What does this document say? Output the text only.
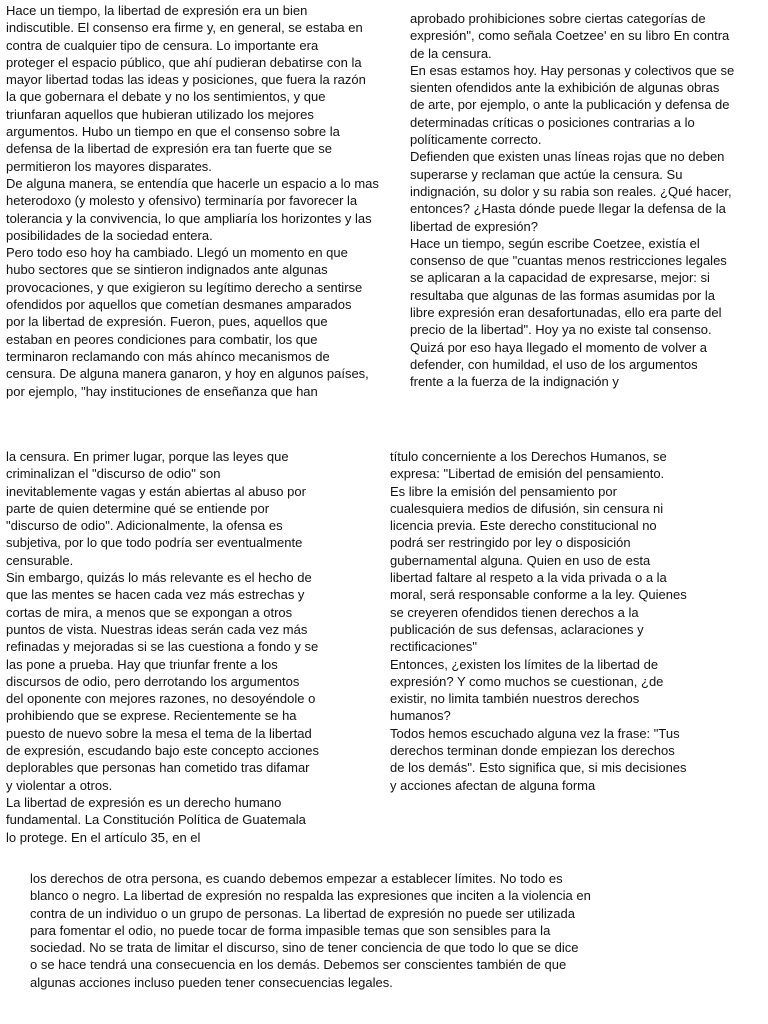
Hace un tiempo, la libertad de expresión era un bien
indiscutible. El consenso era firme y, en general, se estaba en
contra de cualquier tipo de censura. Lo importante era
proteger el espacio público, que ahí pudieran debatirse con la
mayor libertad todas las ideas y posiciones, que fuera la razón
la que gobernara el debate y no los sentimientos, y que
triunfaran aquellos que hubieran utilizado los mejores
argumentos. Hubo un tiempo en que el consenso sobre la
defensa de la libertad de expresión era tan fuerte que se
permitieron los mayores disparates.
De alguna manera, se entendía que hacerle un espacio a lo mas
heterodoxo (y molesto y ofensivo) terminaría por favorecer la
tolerancia y la convivencia, lo que ampliaría los horizontes y las
posibilidades de la sociedad entera.
Pero todo eso hoy ha cambiado. Llegó un momento en que
hubo sectores que se sintieron indignados ante algunas
provocaciones, y que exigieron su legítimo derecho a sentirse
ofendidos por aquellos que cometían desmanes amparados
por la libertad de expresión. Fueron, pues, aquellos que
estaban en peores condiciones para combatir, los que
terminaron reclamando con más ahínco mecanismos de
censura. De alguna manera ganaron, y hoy en algunos países,
por ejemplo, "hay instituciones de enseñanza que han
aprobado prohibiciones sobre ciertas categorías de
expresión", como señala Coetzee' en su libro En contra
de la censura.
En esas estamos hoy. Hay personas y colectivos que se
sienten ofendidos ante la exhibición de algunas obras
de arte, por ejemplo, o ante la publicación y defensa de
determinadas críticas o posiciones contrarias a lo
políticamente correcto.
Defienden que existen unas líneas rojas que no deben
superarse y reclaman que actúe la censura. Su
indignación, su dolor y su rabia son reales. ¿Qué hacer,
entonces? ¿Hasta dónde puede llegar la defensa de la
libertad de expresión?
Hace un tiempo, según escribe Coetzee, existía el
consenso de que "cuantas menos restricciones legales
se aplicaran a la capacidad de expresarse, mejor: si
resultaba que algunas de las formas asumidas por la
libre expresión eran desafortunadas, ello era parte del
precio de la libertad". Hoy ya no existe tal consenso.
Quizá por eso haya llegado el momento de volver a
defender, con humildad, el uso de los argumentos
frente a la fuerza de la indignación y
la censura. En primer lugar, porque las leyes que
criminalizan el "discurso de odio" son
inevitablemente vagas y están abiertas al abuso por
parte de quien determine qué se entiende por
"discurso de odio". Adicionalmente, la ofensa es
subjetiva, por lo que todo podría ser eventualmente
censurable.
Sin embargo, quizás lo más relevante es el hecho de
que las mentes se hacen cada vez más estrechas y
cortas de mira, a menos que se expongan a otros
puntos de vista. Nuestras ideas serán cada vez más
refinadas y mejoradas si se las cuestiona a fondo y se
las pone a prueba. Hay que triunfar frente a los
discursos de odio, pero derrotando los argumentos
del oponente con mejores razones, no desoyéndole o
prohibiendo que se exprese. Recientemente se ha
puesto de nuevo sobre la mesa el tema de la libertad
de expresión, escudando bajo este concepto acciones
deplorables que personas han cometido tras difamar
y violentar a otros.
La libertad de expresión es un derecho humano
fundamental. La Constitución Política de Guatemala
lo protege. En el artículo 35, en el
título concerniente a los Derechos Humanos, se
expresa: "Libertad de emisión del pensamiento.
Es libre la emisión del pensamiento por
cualesquiera medios de difusión, sin censura ni
licencia previa. Este derecho constitucional no
podrá ser restringido por ley o disposición
gubernamental alguna. Quien en uso de esta
libertad faltare al respeto a la vida privada o a la
moral, será responsable conforme a la ley. Quienes
se creyeren ofendidos tienen derechos a la
publicación de sus defensas, aclaraciones y
rectificaciones"
Entonces, ¿existen los límites de la libertad de
expresión? Y como muchos se cuestionan, ¿de
existir, no limita también nuestros derechos
humanos?
Todos hemos escuchado alguna vez la frase: "Tus
derechos terminan donde empiezan los derechos
de los demás". Esto significa que, si mis decisiones
y acciones afectan de alguna forma
los derechos de otra persona, es cuando debemos empezar a establecer límites. No todo es
blanco o negro. La libertad de expresión no respalda las expresiones que inciten a la violencia en
contra de un individuo o un grupo de personas. La libertad de expresión no puede ser utilizada
para fomentar el odio, no puede tocar de forma impasible temas que son sensibles para la
sociedad. No se trata de limitar el discurso, sino de tener conciencia de que todo lo que se dice
o se hace tendrá una consecuencia en los demás. Debemos ser conscientes también de que
algunas acciones incluso pueden tener consecuencias legales.
